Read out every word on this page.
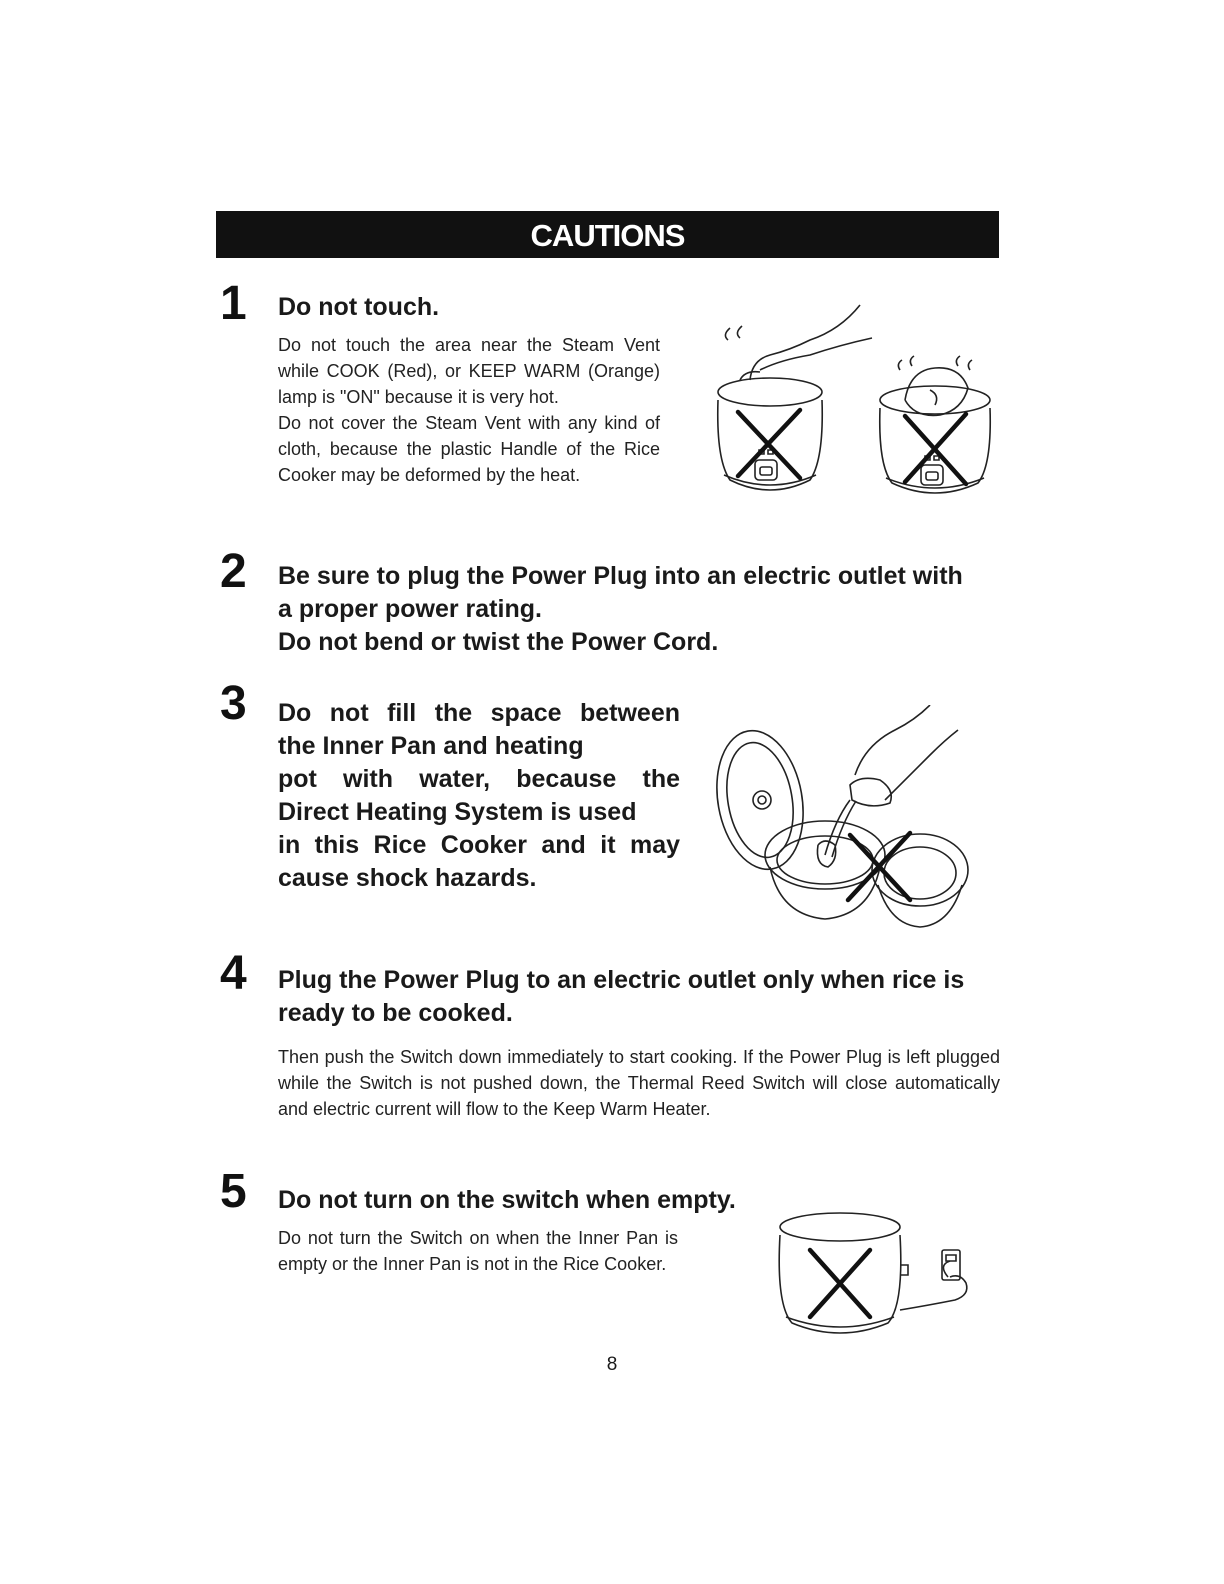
CAUTIONS
1 Do not touch.
Do not touch the area near the Steam Vent while COOK (Red), or KEEP WARM (Orange) lamp is "ON" because it is very hot.
Do not cover the Steam Vent with any kind of cloth, because the plastic Handle of the Rice Cooker may be deformed by the heat.
2 Be sure to plug the Power Plug into an electric outlet with
a proper power rating.
Do not bend or twist the Power Cord.
3 Do not fill the space between
the Inner Pan and heating
pot with water, because the
Direct Heating System is used
in this Rice Cooker and it may
cause shock hazards.
4 Plug the Power Plug to an electric outlet only when rice is
ready to be cooked.
Then push the Switch down immediately to start cooking. If the Power Plug is left plugged while the Switch is not pushed down, the Thermal Reed Switch will close automatically and electric current will flow to the Keep Warm Heater.
5 Do not turn on the switch when empty.
Do not turn the Switch on when the Inner Pan is empty or the Inner Pan is not in the Rice Cooker.
8
